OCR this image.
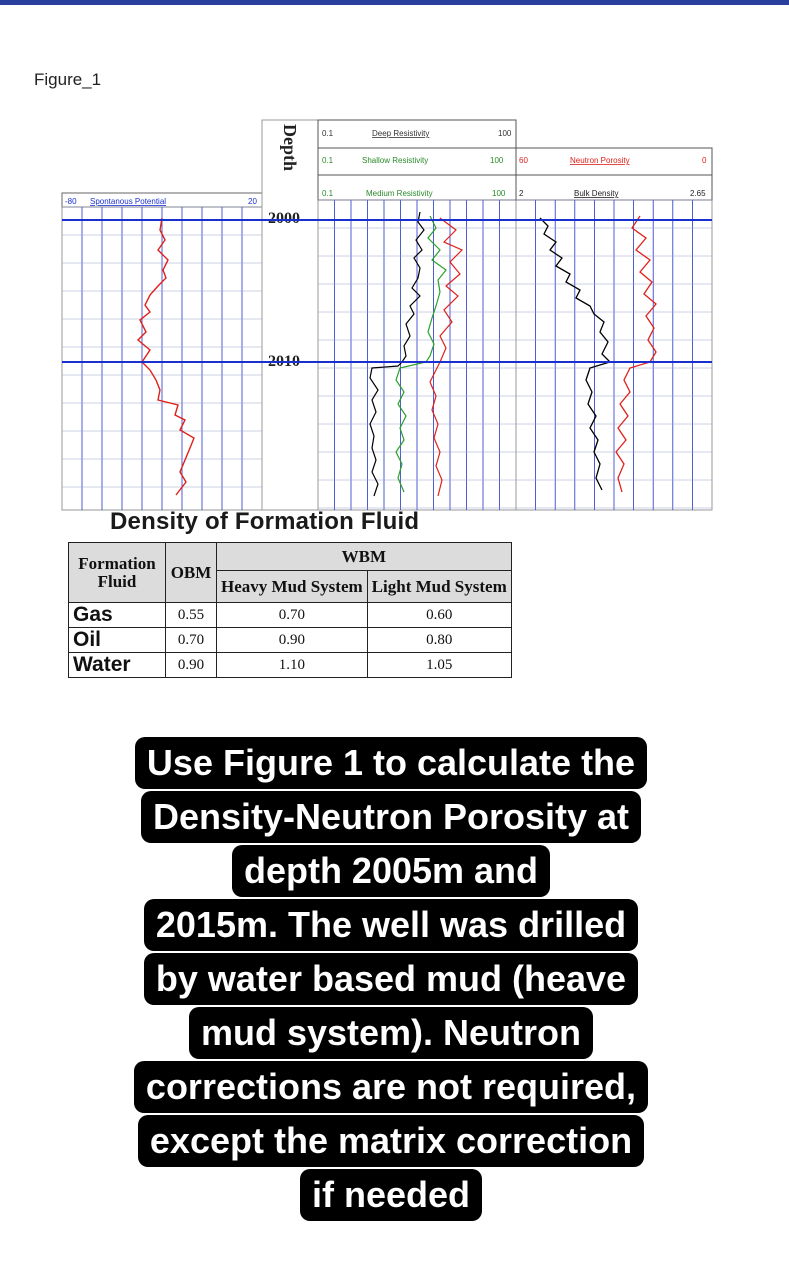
Figure_1
-80 Spontanous Potential	20
Depth
2000
2010
0.1	Deep Resistivity	100
0.1	Shallow Resistivity	100
0.1	Medium Resistivity	100
60	Neutron Porosity	0
2	Bulk Density	2.65
Density of Formation Fluid
Formation Fluid	OBM	WBM	
		Heavy Mud System	Light Mud System
Gas	0.55	0.70	0.60
Oil	0.70	0.90	0.80
Water	0.90	1.10	1.05
Use Figure 1 to calculate the
Density-Neutron Porosity at
depth 2005m and
2015m. The well was drilled
by water based mud (heave
mud system). Neutron
corrections are not required,
except the matrix correction
if needed
